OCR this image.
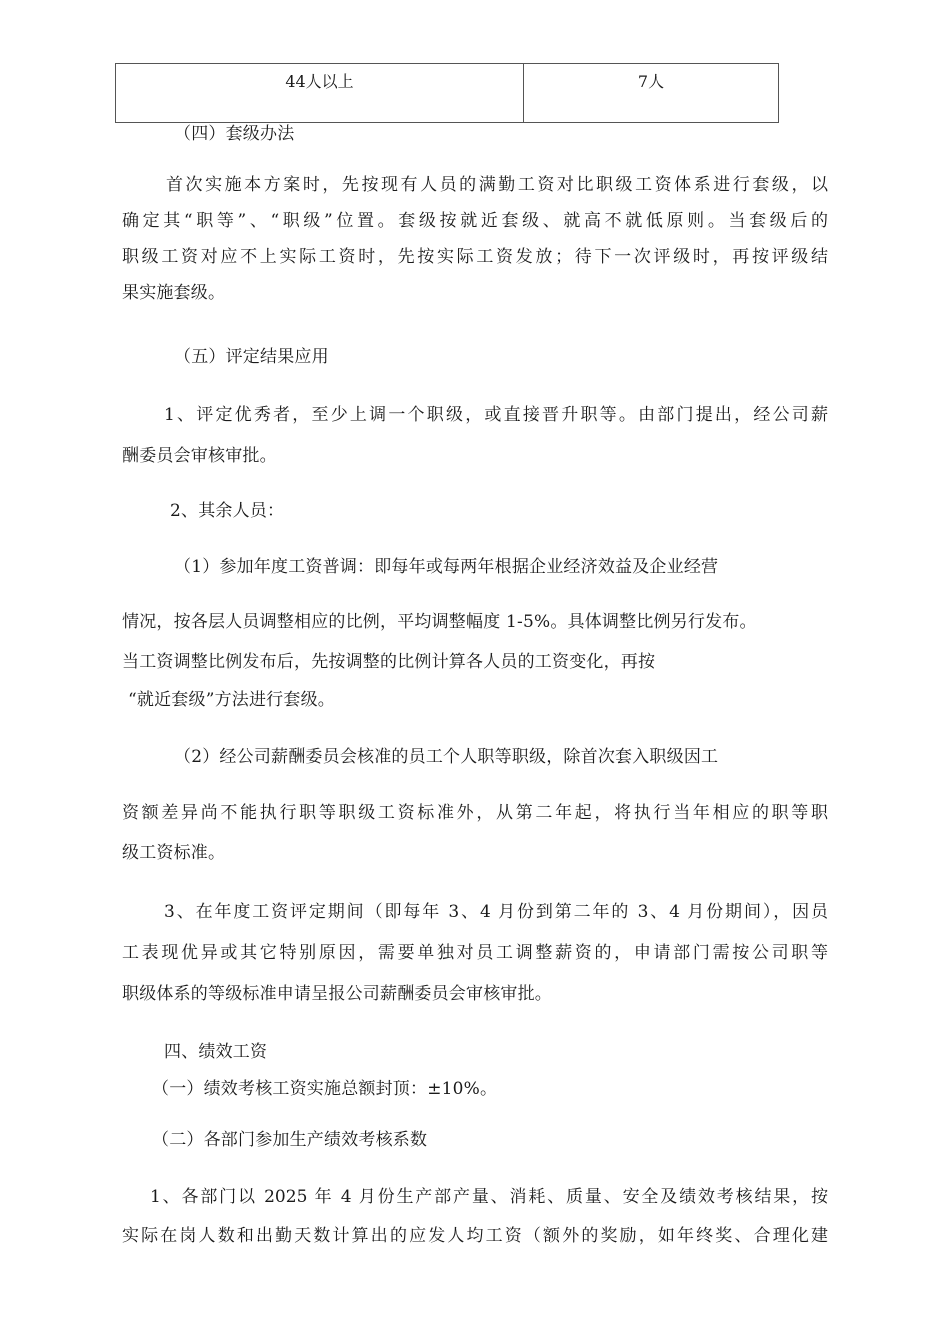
44人以上	7人
（四）套级办法
首次实施本方案时，先按现有人员的满勤工资对比职级工资体系进行套级，以
确定其“职等”、“职级”位置。套级按就近套级、就高不就低原则。当套级后的
职级工资对应不上实际工资时，先按实际工资发放；待下一次评级时，再按评级结
果实施套级。
（五）评定结果应用
1、评定优秀者，至少上调一个职级，或直接晋升职等。由部门提出，经公司薪
酬委员会审核审批。
2、其余人员：
（1）参加年度工资普调：即每年或每两年根据企业经济效益及企业经营
情况，按各层人员调整相应的比例，平均调整幅度 1-5%。具体调整比例另行发布。
当工资调整比例发布后，先按调整的比例计算各人员的工资变化，再按
“就近套级”方法进行套级。
（2）经公司薪酬委员会核准的员工个人职等职级，除首次套入职级因工
资额差异尚不能执行职等职级工资标准外，从第二年起，将执行当年相应的职等职
级工资标准。
3、在年度工资评定期间（即每年 3、4 月份到第二年的 3、4 月份期间），因员
工表现优异或其它特别原因，需要单独对员工调整薪资的，申请部门需按公司职等
职级体系的等级标准申请呈报公司薪酬委员会审核审批。
四、绩效工资
（一）绩效考核工资实施总额封顶：±10%。
（二）各部门参加生产绩效考核系数
1、各部门以 2025 年 4 月份生产部产量、消耗、质量、安全及绩效考核结果，按
实际在岗人数和出勤天数计算出的应发人均工资（额外的奖励，如年终奖、合理化建
